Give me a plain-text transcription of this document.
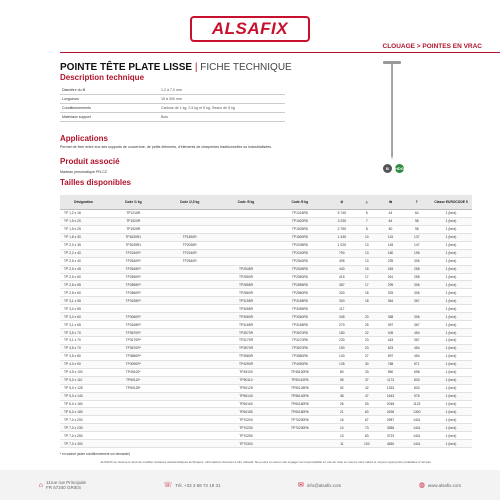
ALSAFIX
CLOUAGE > POINTES EN VRAC
POINTE TÊTE PLATE LISSE | FICHE TECHNIQUE
Description technique
Diamètre du fil	1,2 à 7,0 mm
Longueurs	15 à 300 mm
Conditionnements	Cartons de 1 kg, 2,5 kg et 5 kg. Seaux de 5 kg
Matériaux support	Bois
Applications
Permet de fixer entre eux des supports de couverture, de petits éléments, d'éléments de charpentes traditionnelles ou industrialisées.
Produit associé
Marteau pneumatique PN-CZ
Tailles disponibles
B	HDG
Désignation	Code /1 kg	Code /2,5 kg	Code /5 kg	Code /5 kg	⊘	⟂	⇋	⇡	Classe EUROCODE 5
TP 1,2 x 16	TP1216R			TP1216R5	5 745	6	44	64	1 (brut)
TP 1,5 x 20	TP1520R			TP1520R5	3 235	7	64	98	1 (brut)
TP 1,5 x 25	TP1525R			TP1525R5	2 755	8	80	98	1 (brut)
TP 1,8 x 30	TP1830R1	TP1830R		TP1830R5	1 435	10	115	137	1 (brut)
TP 2,0 x 35	TP2035R1	TP2035R		TP2035R5	1 025	13	145	147	1 (brut)
TP 2,2 x 40	TP2240R*	TP2240R		TP2240R5	790	13	180	196	1 (brut)
TP 2,5 x 40	TP2540R*	TP2540R		TP2540R5	495	13	239	306	1 (brut)
TP 2,5 x 45	TP2545R*		TP2545R	TP2545R5	440	15	245	258	1 (brut)
TP 2,5 x 50	TP2550R*		TP2550R	TP2550R5	415	17	261	258	1 (brut)
TP 2,8 x 55	TP2855R*		TP2855R	TP2855R5	387	17	299	306	1 (brut)
TP 2,8 x 60	TP2860R*		TP2860R	TP2860R5	330	18	329	306	1 (brut)
TP 3,1 x 55	TP3155R*		TP3155R	TP3155R5	300	18	364	367	1 (brut)
TP 3,0 x 55			TP3055R	TP3055R5	117				1 (brut)
TP 3,0 x 60	TP3060R*		TP3060R	TP3060R5	345	20	358	306	1 (brut)
TP 3,1 x 65	TP3165R*		TP3165R	TP3165R5	279	25	397	367	1 (brut)
TP 3,5 x 70	TP3570R*		TP3570R	TP3570R5	180	22	405	454	1 (brut)
TP 3,1 x 70	TP3170R*		TP3170R	TP3170R5	230	23	443	367	1 (brut)
TP 3,5 x 70	TP3570R*		TP3570R	TP3570R5	190	23	523	454	1 (brut)
TP 3,5 x 80	TP3580R*		TP3580R	TP3580R5	140	27	597	454	1 (brut)
TP 4,0 x 90	TP4090R*		TP4090R	TP4090R5	135	30	768	571	1 (brut)
TP 4,5 x 100	TP45100*		TP45100	TP45100R5	80	33	960	698	1 (brut)
TP 5,0 x 110	TP50110*		TP50110	TP50110R5	55	37	1173	833	1 (brut)
TP 5,0 x 125	TP50125*		TP50125	TP50125R5	52	42	1333	833	1 (brut)
TP 5,0 x 140			TP56140	TP56140R5	38	47	1643	976	1 (brut)
TP 6,0 x 160			TP60160	TP60160R5	26	53	2048	1123	1 (brut)
TP 6,0 x 180			TP60180	TP60180R5	21	60	2496	1300	1 (brut)
TP 7,0 x 200			TP70200	TP70200R5	16	67	2987	1441	1 (brut)
TP 7,0 x 230			TP70230	TP70230R5	14	73	3386	1441	1 (brut)
TP 7,0 x 250			TP70250		13	83	3723	1441	1 (brut)
TP 7,0 x 300			TP70300		11	100	4480	1441	1 (brut)
* en sachet (autre conditionnement sur demande)
ALSAFIX se réserve le droit de modifier certaines caractéristiques techniques. Informations données à titre indicatif. Ne pourra en aucun cas engager sa responsabilité en cas de mise en oeuvre sans calcul et moyens appropriés préalables à l'emploi.
⌂ 11rue rue Principale
FR 67340 GRIES	☏ Tél. +33 3 88 72 19 31	✉ info@alsafix.com	◍ www.alsafix.com
